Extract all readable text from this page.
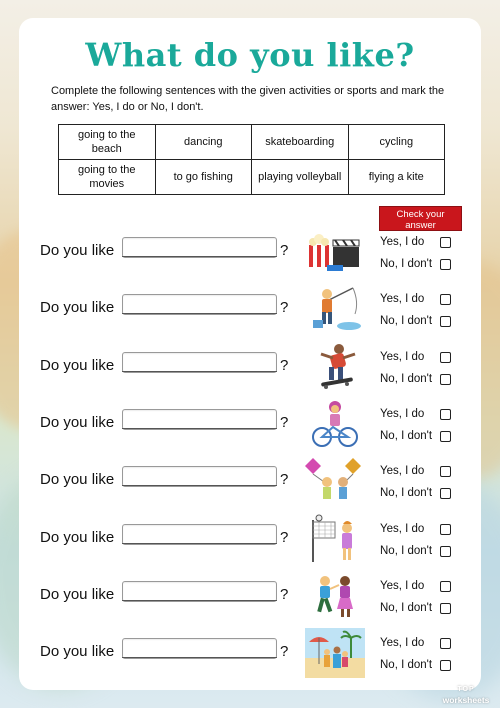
What do you like?
Complete the following sentences with the given activities or sports and mark the answer: Yes, I do or No, I don't.
going to the beach	dancing	skateboarding	cycling
going to the movies	to go fishing	playing volleyball	flying a kite
Check your answer
Do you like	?	Yes, I do
No, I don't
Do you like	?	Yes, I do
No, I don't
Do you like	?	Yes, I do
No, I don't
Do you like	?	Yes, I do
No, I don't
Do you like	?	Yes, I do
No, I don't
Do you like	?	Yes, I do
No, I don't
Do you like	?	Yes, I do
No, I don't
Do you like	?	Yes, I do
No, I don't
TOP
worksheets
